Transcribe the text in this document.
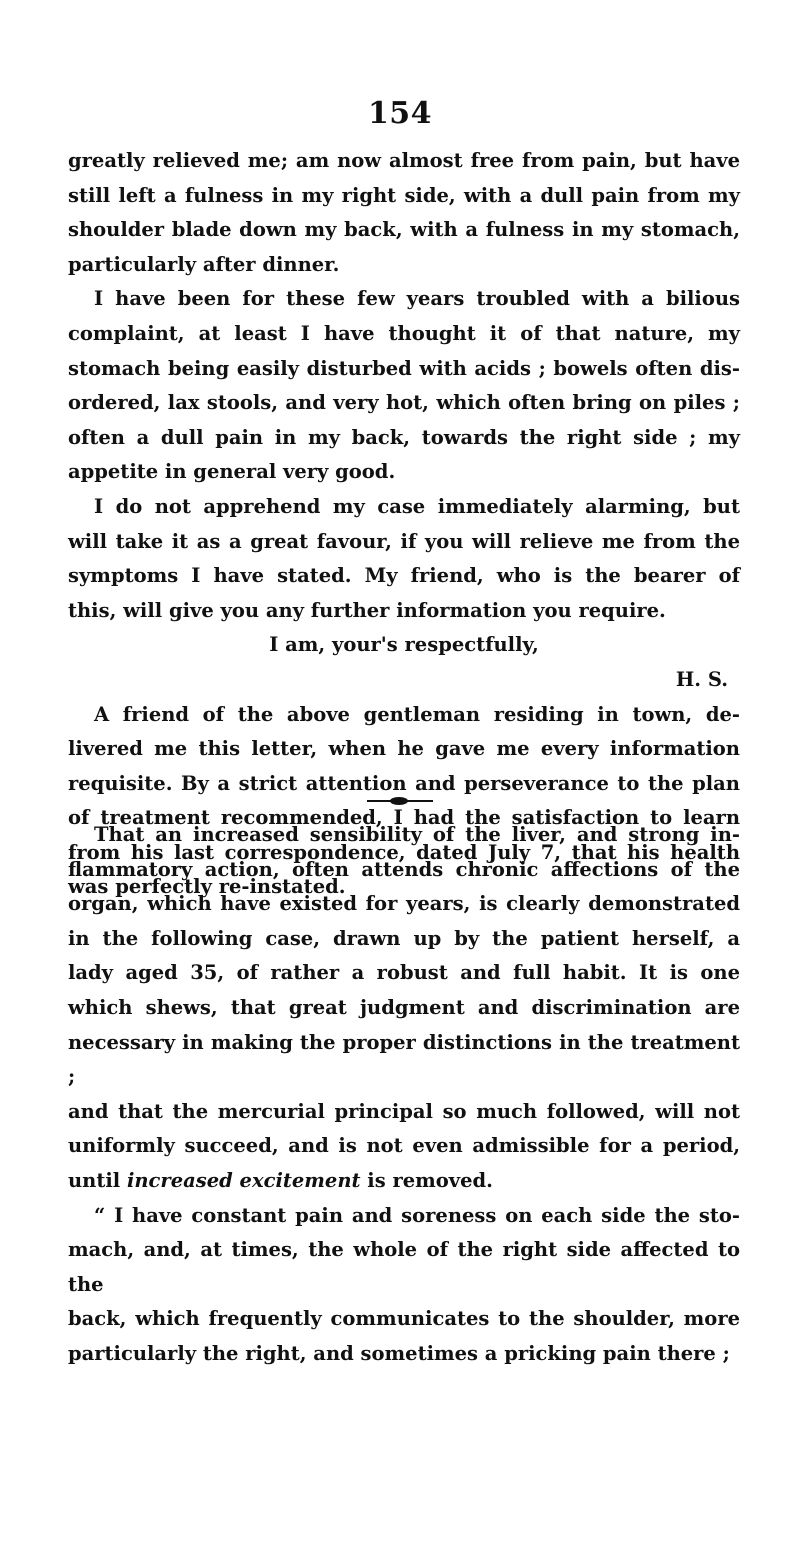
154

greatly relieved me; am now almost free from pain, but have

still left a fulness in my right side, with a dull pain from my

shoulder blade down my back, with a fulness in my stomach,

particularly after dinner.

I have been for these few years troubled with a bilious

complaint, at least I have thought it of that nature, my

stomach being easily disturbed with acids ; bowels often dis-

ordered, lax stools, and very hot, which often bring on piles ;

often a dull pain in my back, towards the right side ; my

appetite in general very good.

I do not apprehend my case immediately alarming, but

will take it as a great favour, if you will relieve me from the

symptoms I have stated. My friend, who is the bearer of

this, will give you any further information you require.

I am, your's respectfully,

H. S.

A friend of the above gentleman residing in town, de-

livered me this letter, when he gave me every information

requisite. By a strict attention and perseverance to the plan

of treatment recommended, I had the satisfaction to learn

from his last correspondence, dated July 7, that his health

was perfectly re-instated.

That an increased sensibility of the liver, and strong in-

flammatory action, often attends chronic affections of the

organ, which have existed for years, is clearly demonstrated

in the following case, drawn up by the patient herself, a

lady aged 35, of rather a robust and full habit. It is one

which shews, that great judgment and discrimination are

necessary in making the proper distinctions in the treatment ;

and that the mercurial principal so much followed, will not

uniformly succeed, and is not even admissible for a period,

until increased excitement is removed.

“ I have constant pain and soreness on each side the sto-

mach, and, at times, the whole of the right side affected to the

back, which frequently communicates to the shoulder, more

particularly the right, and sometimes a pricking pain there ;
